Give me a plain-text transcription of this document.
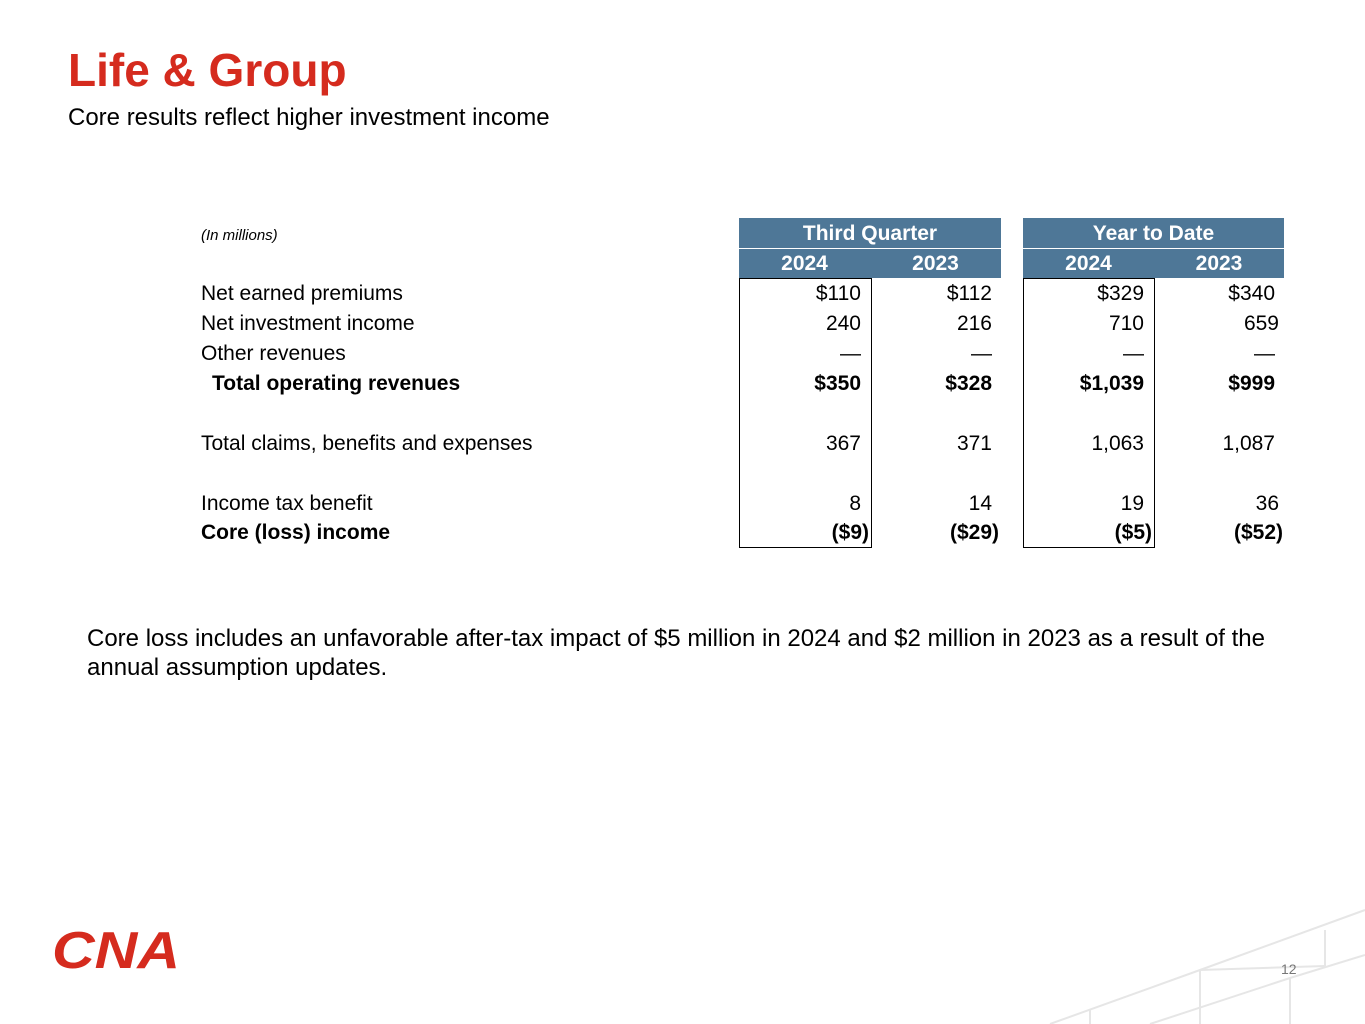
Life & Group
Core results reflect higher investment income
(In millions)	Third Quarter	Year to Date
2024	2023	2024	2023
Net earned premiums	$110	$112	$329	$340
Net investment income	240	216	710	659
Other revenues	—	—	—	—
Total operating revenues	$350	$328	$1,039	$999
Total claims, benefits and expenses	367	371	1,063	1,087
Income tax benefit	8	14	19	36
Core (loss) income	($9)	($29)	($5)	($52)
Core loss includes an unfavorable after-tax impact of $5 million in 2024 and $2 million in 2023 as a result of the annual assumption updates.
CNA	12
